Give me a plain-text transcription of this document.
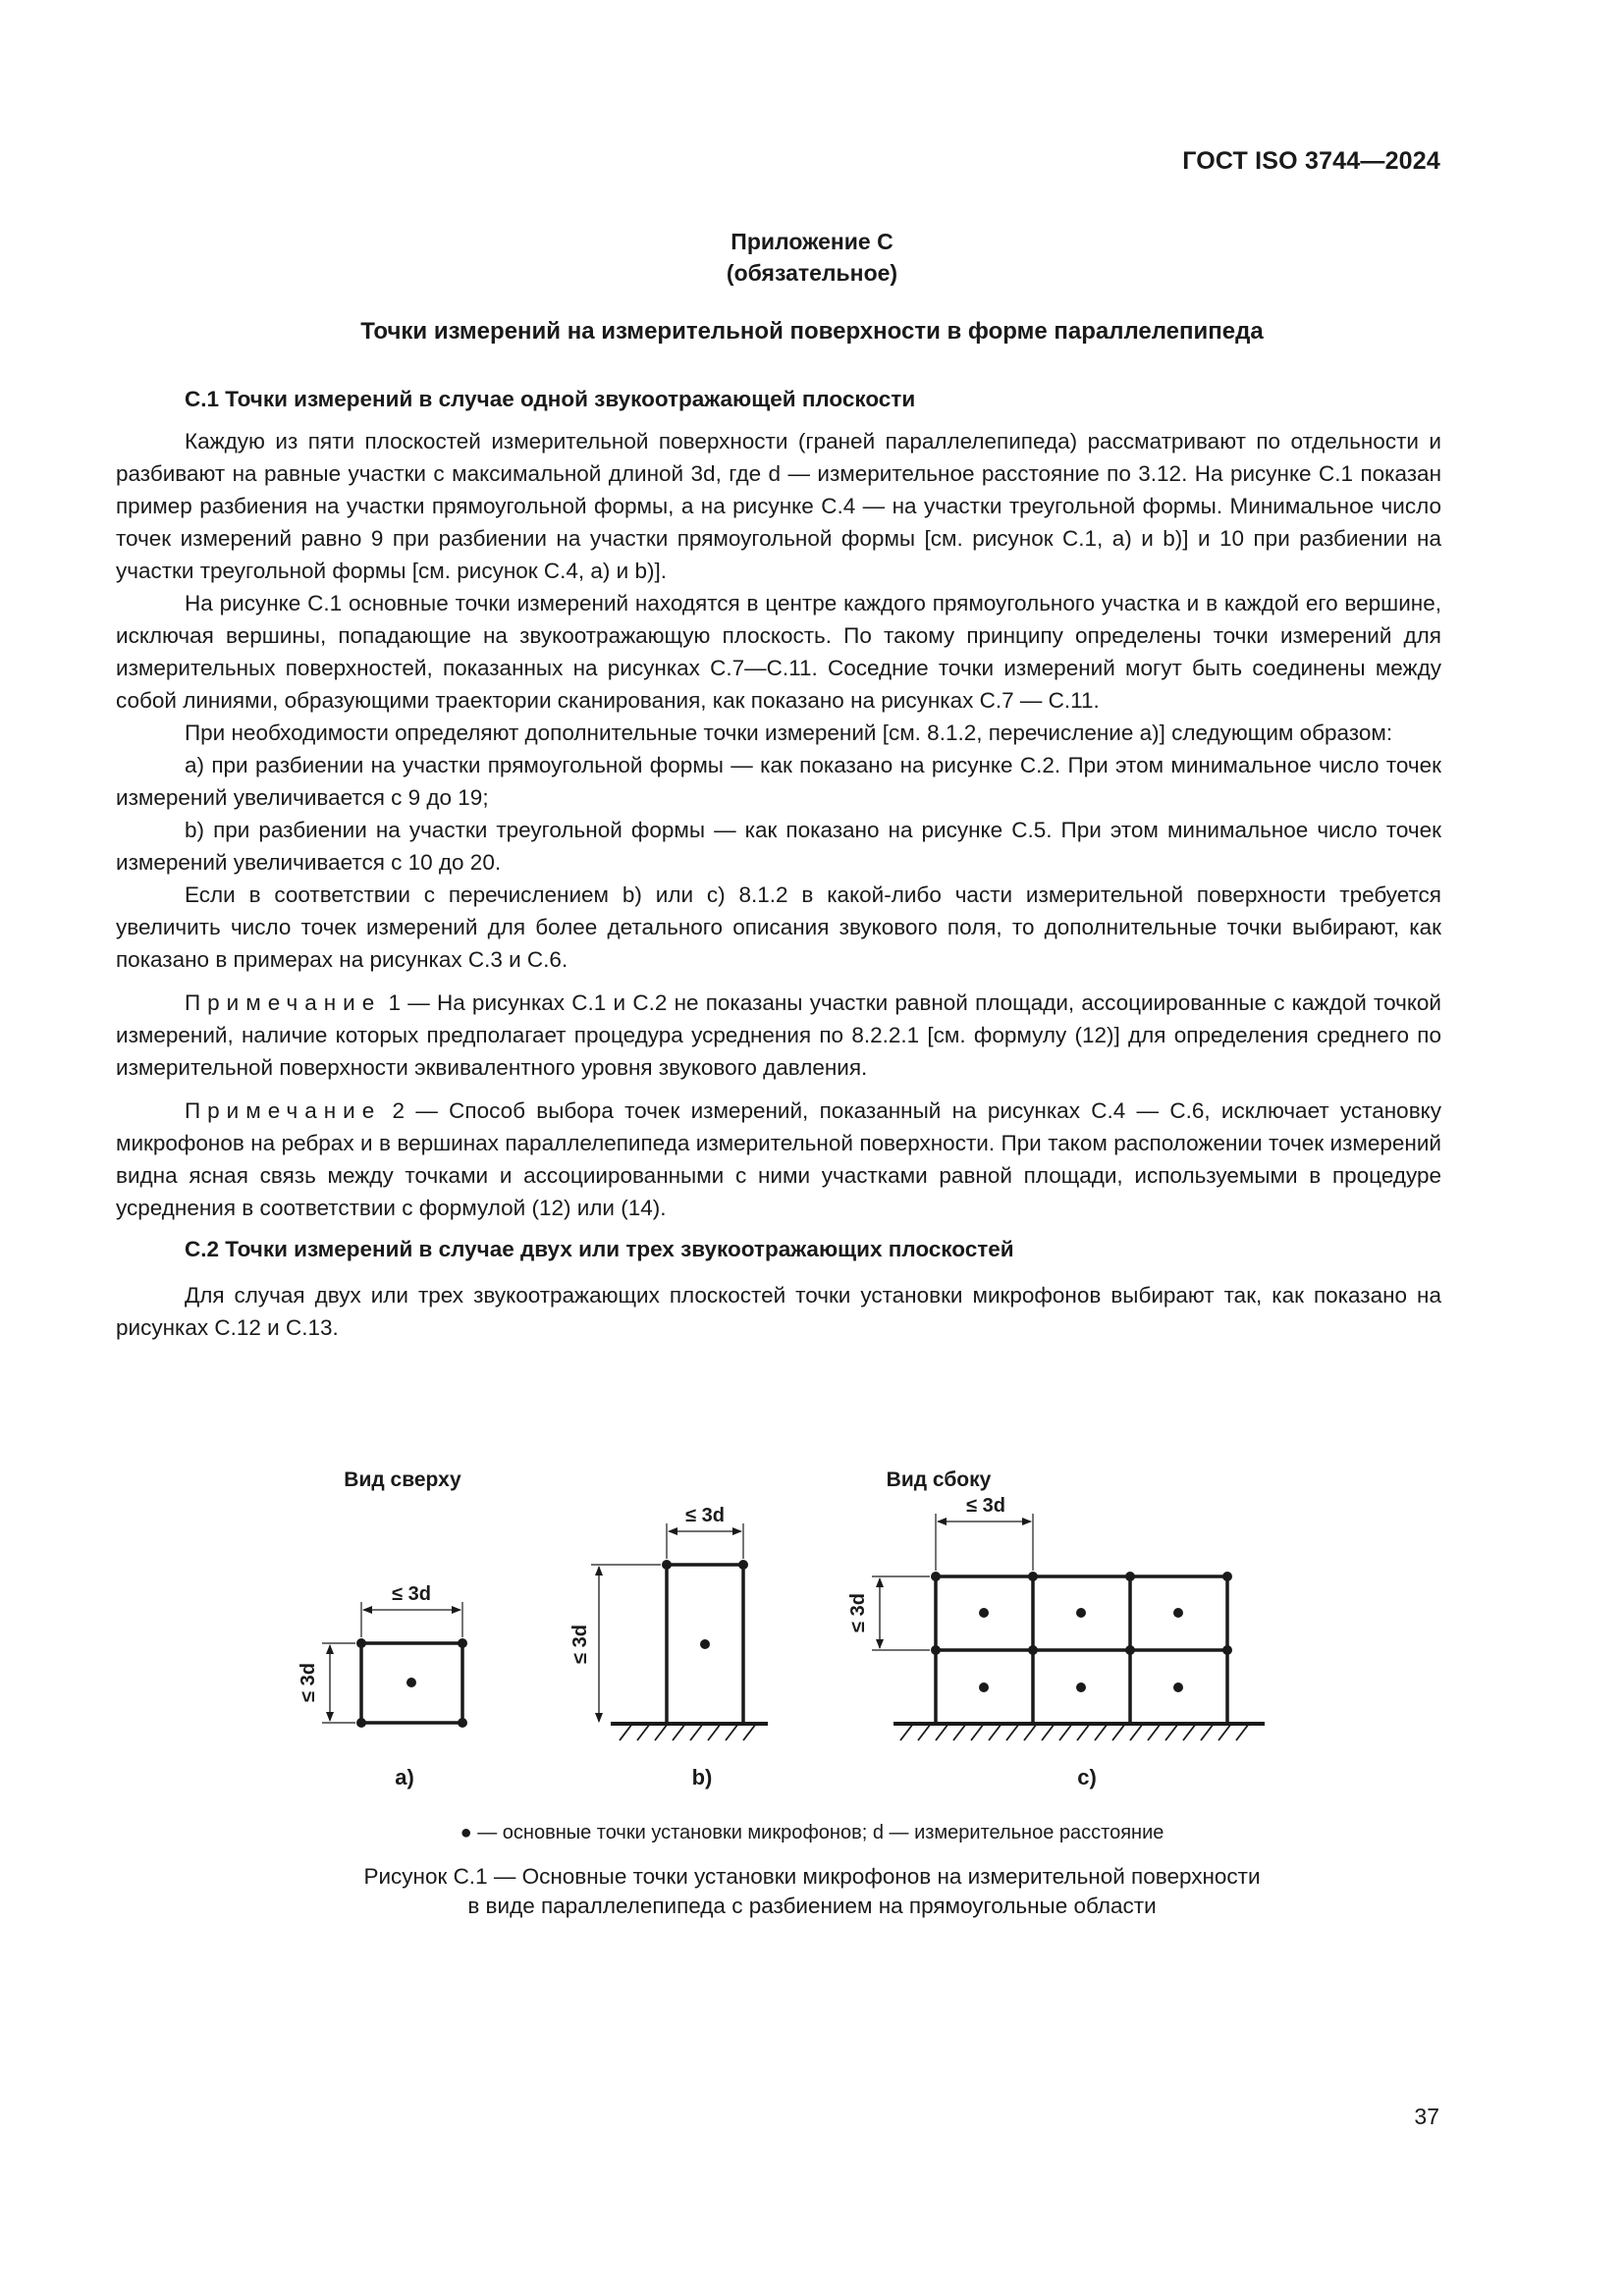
ГОСТ ISO 3744—2024
Приложение С
(обязательное)
Точки измерений на измерительной поверхности в форме параллелепипеда

С.1 Точки измерений в случае одной звукоотражающей плоскости

Каждую из пяти плоскостей измерительной поверхности (граней параллелепипеда) рассматривают по отдельности и разбивают на равные участки с максимальной длиной 3d, где d — измерительное расстояние по 3.12. На рисунке С.1 показан пример разбиения на участки прямоугольной формы, а на рисунке С.4 — на участки треугольной формы. Минимальное число точек измерений равно 9 при разбиении на участки прямоугольной формы [см. рисунок С.1, а) и b)] и 10 при разбиении на участки треугольной формы [см. рисунок С.4, а) и b)].

На рисунке С.1 основные точки измерений находятся в центре каждого прямоугольного участка и в каждой его вершине, исключая вершины, попадающие на звукоотражающую плоскость. По такому принципу определены точки измерений для измерительных поверхностей, показанных на рисунках С.7—С.11. Соседние точки измерений могут быть соединены между собой линиями, образующими траектории сканирования, как показано на рисунках С.7 — С.11.

При необходимости определяют дополнительные точки измерений [см. 8.1.2, перечисление а)] следующим образом:

а) при разбиении на участки прямоугольной формы — как показано на рисунке С.2. При этом минимальное число точек измерений увеличивается с 9 до 19;

b) при разбиении на участки треугольной формы — как показано на рисунке С.5. При этом минимальное число точек измерений увеличивается с 10 до 20.

Если в соответствии с перечислением b) или с) 8.1.2 в какой-либо части измерительной поверхности требуется увеличить число точек измерений для более детального описания звукового поля, то дополнительные точки выбирают, как показано в примерах на рисунках С.3 и С.6.

Примечание 1 — На рисунках С.1 и С.2 не показаны участки равной площади, ассоциированные с каждой точкой измерений, наличие которых предполагает процедура усреднения по 8.2.2.1 [см. формулу (12)] для определения среднего по измерительной поверхности эквивалентного уровня звукового давления.

Примечание 2 — Способ выбора точек измерений, показанный на рисунках С.4 — С.6, исключает установку микрофонов на ребрах и в вершинах параллелепипеда измерительной поверхности. При таком расположении точек измерений видна ясная связь между точками и ассоциированными с ними участками равной площади, используемыми в процедуре усреднения в соответствии с формулой (12) или (14).

С.2 Точки измерений в случае двух или трех звукоотражающих плоскостей

Для случая двух или трех звукоотражающих плоскостей точки установки микрофонов выбирают так, как показано на рисунках С.12 и С.13.

Вид сверху	Вид сбоку
≤ 3d
≤ 3d
а)
≤ 3d
≤ 3d
b)
≤ 3d
≤ 3d
с)
● — основные точки установки микрофонов; d — измерительное расстояние
Рисунок С.1 — Основные точки установки микрофонов на измерительной поверхности
в виде параллелепипеда с разбиением на прямоугольные области
37
